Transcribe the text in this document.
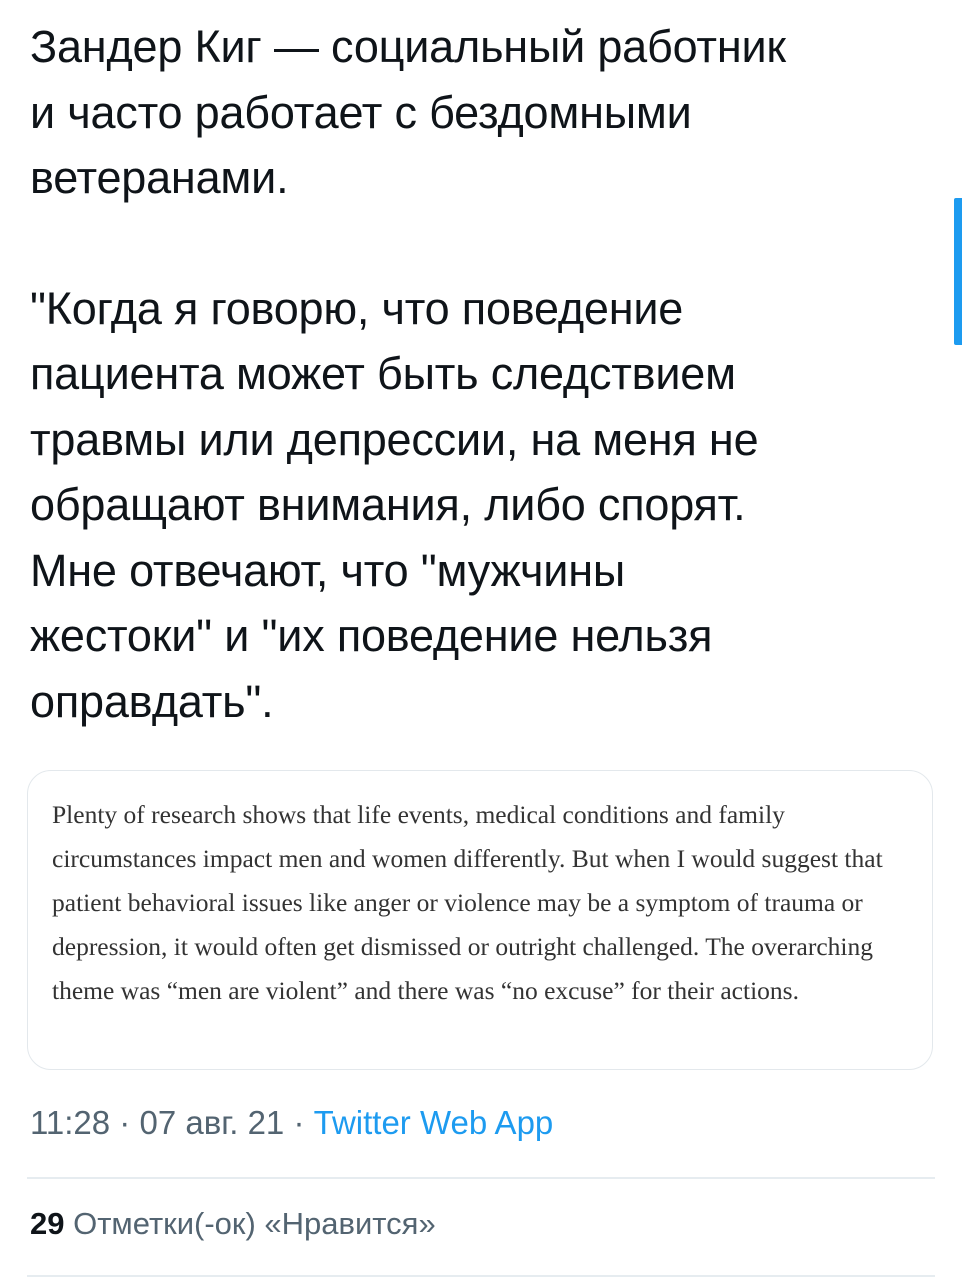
Зандер Киг — социальный работник
и часто работает с бездомными
ветеранами.

"Когда я говорю, что поведение
пациента может быть следствием
травмы или депрессии, на меня не
обращают внимания, либо спорят.
Мне отвечают, что "мужчины
жестоки" и "их поведение нельзя
оправдать".

Plenty of research shows that life events, medical conditions and family circumstances impact men and women differently. But when I would suggest that patient behavioral issues like anger or violence may be a symptom of trauma or depression, it would often get dismissed or outright challenged. The overarching theme was “men are violent” and there was “no excuse” for their actions.

11:28 · 07 авг. 21 · Twitter Web App
29 Отметки(-ок) «Нравится»
